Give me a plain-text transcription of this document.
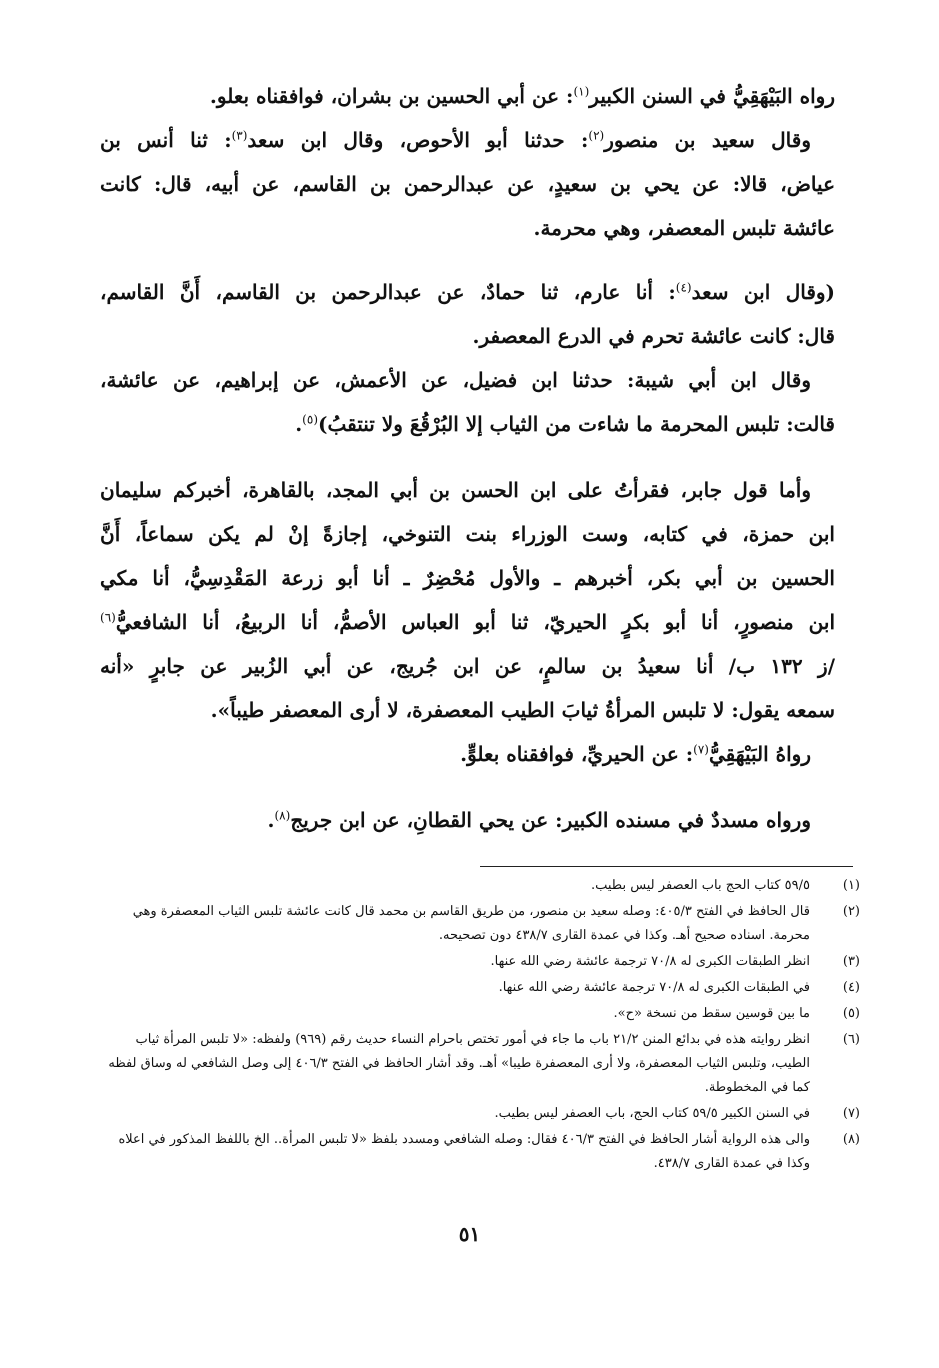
رواه البَيْهَقِيُّ في السنن الكبير$^{(١)}$: عن أبي الحسين بن بشران، فوافقناه بعلو.
وقال سعيد بن منصور$^{(٢)}$: حدثنا أبو الأحوص، وقال ابن سعد$^{(٣)}$: ثنا أنس بن
عياض، قالا: عن يحي بن سعيدٍ، عن عبدالرحمن بن القاسم، عن أبيه، قال: كانت
عائشة تلبس المعصفر، وهي محرمة.
(وقال ابن سعد$^{(٤)}$: أنا عارم، ثنا حمادٌ، عن عبدالرحمن بن القاسم، أَنَّ القاسم،
قال: كانت عائشة تحرم في الدرع المعصفر.
وقال ابن أبي شيبة: حدثنا ابن فضيل، عن الأعمش، عن إبراهيم، عن عائشة،
قالت: تلبس المحرمة ما شاءت من الثياب إلا البُرْقُعَ ولا تنتقبُ)$^{(٥)}$.
وأما قول جابر، فقرأتُ على ابن الحسن بن أبي المجد، بالقاهرة، أخبركم سليمان
ابن حمزة، في كتابه، وست الوزراء بنت التنوخي، إجازةً إنْ لم يكن سماعاً، أَنَّ
الحسين بن أبي بكر، أخبرهم ـ والأول مُحْضِرٌ ـ أنا أبو زرعة المَقْدِسِيُّ، أنا مكي
ابن منصورٍ، أنا أبو بكرٍ الحيريّ، ثنا أبو العباس الأصمُّ، أنا الربيعُ، أنا الشافعيُّ$^{(٦)}$
/ز ١٣٢ ب/ أنا سعيدُ بن سالمٍ، عن ابن جُريج، عن أبي الزُبير عن جابرٍ «أنه
سمعه يقول: لا تلبس المرأةُ ثيابَ الطيب المعصفرة، لا أرى المعصفر طيباً».
رواهُ البَيْهَقِيُّ$^{(٧)}$: عن الحيريِّ، فوافقناه بعلوٍّ.
ورواه مسددٌ في مسنده الكبير: عن يحي القطانِ، عن ابن جريج$^{(٨)}$.
(١)
٥٩/٥ كتاب الحج باب العصفر ليس بطيب.
(٢)
قال الحافظ في الفتح ٤٠٥/٣: وصله سعيد بن منصور، من طريق القاسم بن محمد قال كانت عائشة تلبس الثياب المعصفرة وهي محرمة. اسناده صحيح أهـ. وكذا في عمدة القارى ٤٣٨/٧ دون تصحيحه.
(٣)
انظر الطبقات الكبرى له ٧٠/٨ ترجمة عائشة رضي الله عنها.
(٤)
في الطبقات الكبرى له ٧٠/٨ ترجمة عائشة رضي الله عنها.
(٥)
ما بين قوسين سقط من نسخة «ح».
(٦)
انظر روايته هذه في بدائع المنن ٢١/٢ باب ما جاء في أمور تختص باحرام النساء حديث رقم (٩٦٩) ولفظه: «لا تلبس المرأة ثياب الطيب، وتلبس الثياب المعصفرة، ولا أرى المعصفرة طيبا» أهـ. وقد أشار الحافظ في الفتح ٤٠٦/٣ إلى وصل الشافعي له وساق لفظه كما في المخطوطة.
(٧)
في السنن الكبير ٥٩/٥ كتاب الحج، باب العصفر ليس بطيب.
(٨)
والى هذه الرواية أشار الحافظ في الفتح ٤٠٦/٣ فقال: وصله الشافعي ومسدد بلفظ «لا تلبس المرأة.. الخ باللفظ المذكور في اعلاه وكذا في عمدة القارى ٤٣٨/٧.
٥١
